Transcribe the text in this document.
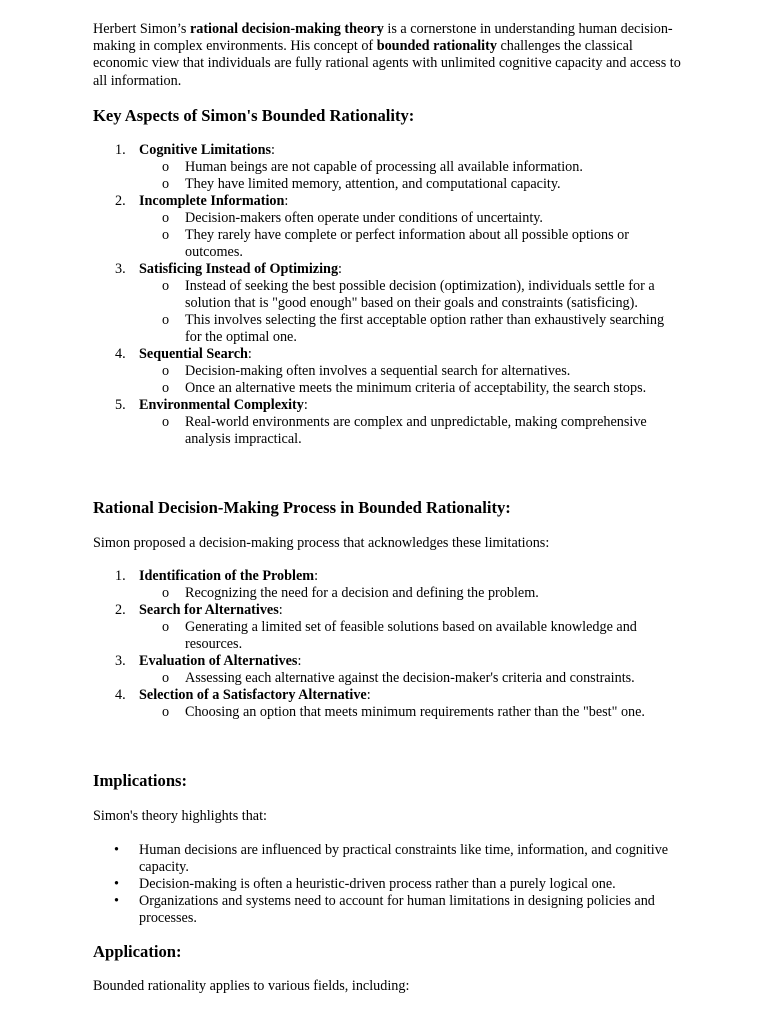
Herbert Simon’s rational decision-making theory is a cornerstone in understanding human decision-making in complex environments. His concept of bounded rationality challenges the classical economic view that individuals are fully rational agents with unlimited cognitive capacity and access to all information.

Key Aspects of Simon's Bounded Rationality:
1. Cognitive Limitations:
o Human beings are not capable of processing all available information.
o They have limited memory, attention, and computational capacity.
2. Incomplete Information:
o Decision-makers often operate under conditions of uncertainty.
o They rarely have complete or perfect information about all possible options or outcomes.
3. Satisficing Instead of Optimizing:
o Instead of seeking the best possible decision (optimization), individuals settle for a solution that is "good enough" based on their goals and constraints (satisficing).
o This involves selecting the first acceptable option rather than exhaustively searching for the optimal one.
4. Sequential Search:
o Decision-making often involves a sequential search for alternatives.
o Once an alternative meets the minimum criteria of acceptability, the search stops.
5. Environmental Complexity:
o Real-world environments are complex and unpredictable, making comprehensive analysis impractical.
Rational Decision-Making Process in Bounded Rationality:

Simon proposed a decision-making process that acknowledges these limitations:

1. Identification of the Problem:
o Recognizing the need for a decision and defining the problem.
2. Search for Alternatives:
o Generating a limited set of feasible solutions based on available knowledge and resources.
3. Evaluation of Alternatives:
o Assessing each alternative against the decision-maker's criteria and constraints.
4. Selection of a Satisfactory Alternative:
o Choosing an option that meets minimum requirements rather than the "best" one.
Implications:

Simon's theory highlights that:

• Human decisions are influenced by practical constraints like time, information, and cognitive capacity.
• Decision-making is often a heuristic-driven process rather than a purely logical one.
• Organizations and systems need to account for human limitations in designing policies and processes.
Application:

Bounded rationality applies to various fields, including:
